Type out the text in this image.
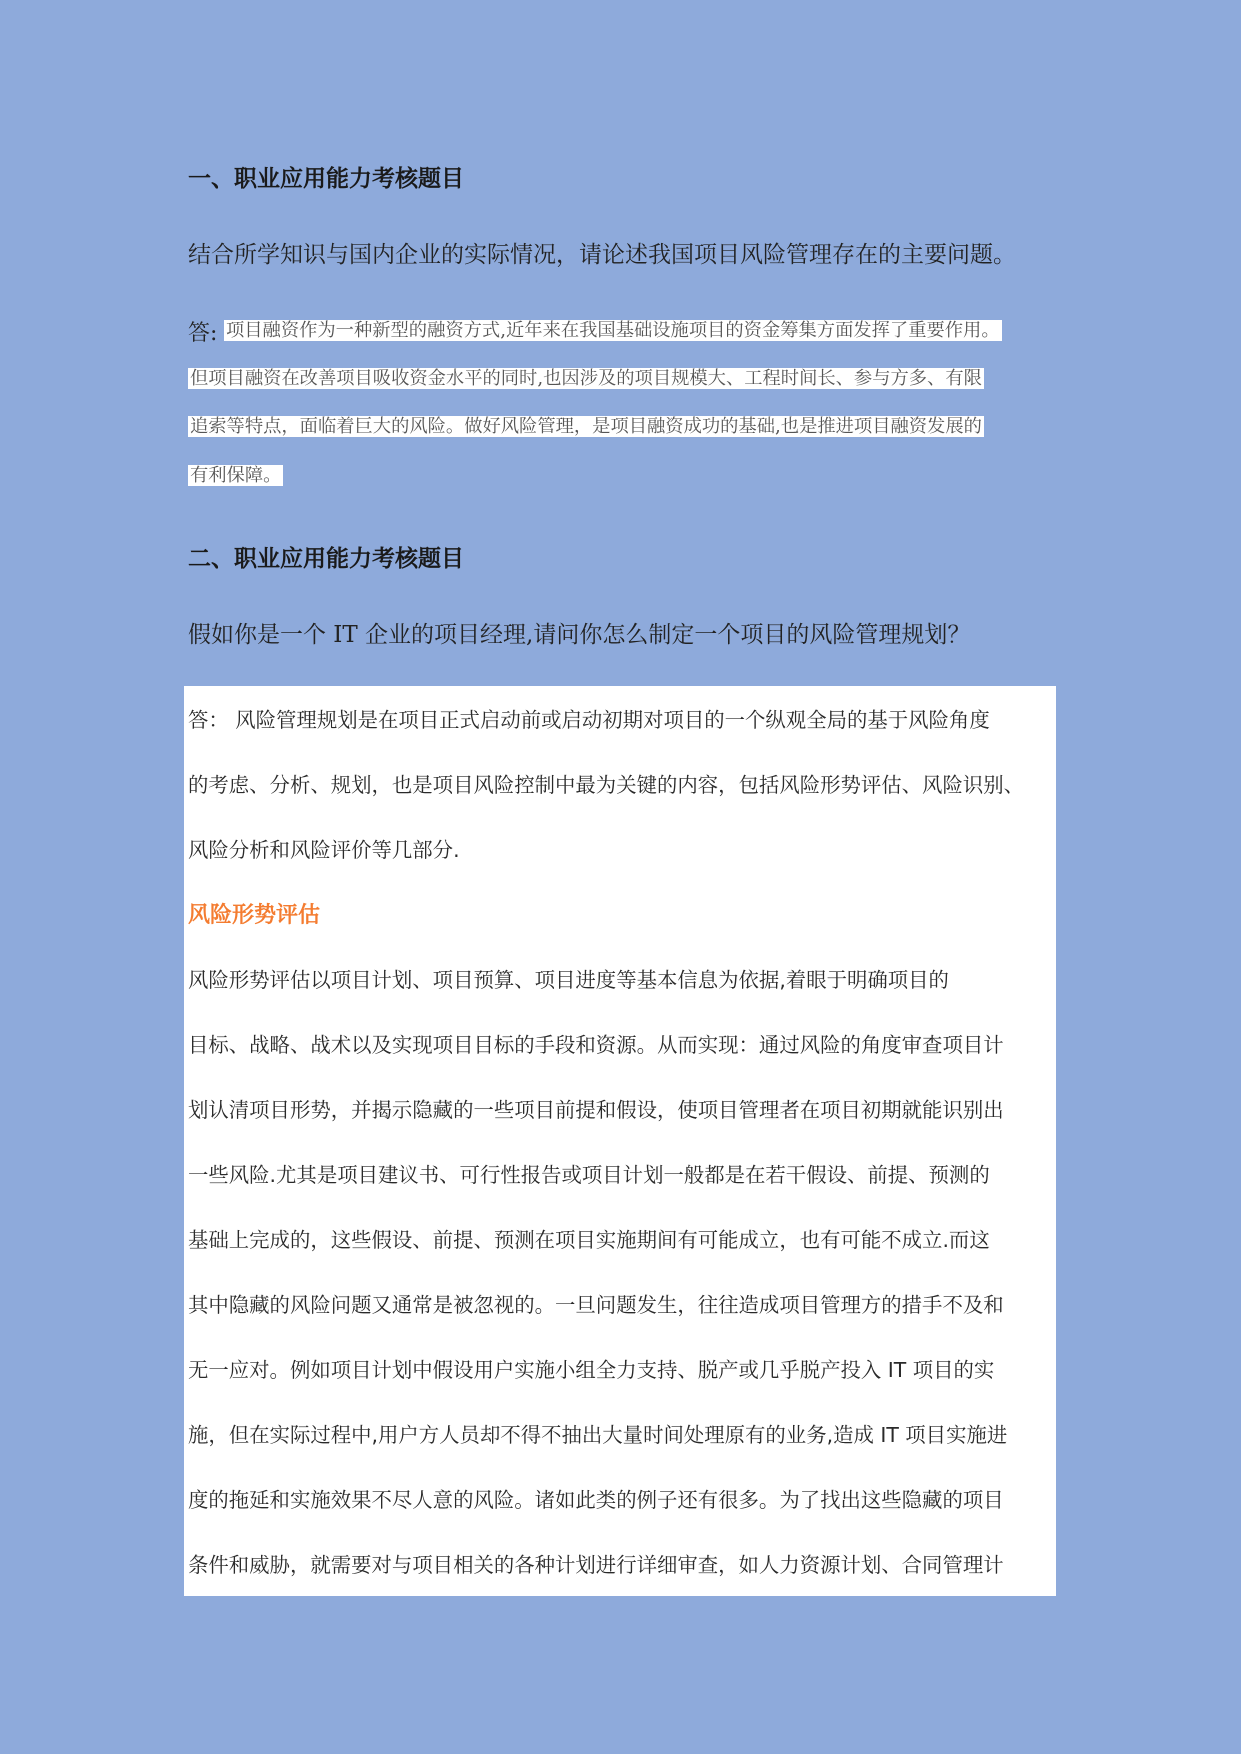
一、职业应用能力考核题目
结合所学知识与国内企业的实际情况，请论述我国项目风险管理存在的主要问题。
答: 项目融资作为一种新型的融资方式,近年来在我国基础设施项目的资金筹集方面发挥了重要作用。
但项目融资在改善项目吸收资金水平的同时,也因涉及的项目规模大、工程时间长、参与方多、有限
追索等特点，面临着巨大的风险。做好风险管理，是项目融资成功的基础,也是推进项目融资发展的
有利保障。
二、职业应用能力考核题目
假如你是一个 IT 企业的项目经理,请问你怎么制定一个项目的风险管理规划？
答： 风险管理规划是在项目正式启动前或启动初期对项目的一个纵观全局的基于风险角度
的考虑、分析、规划，也是项目风险控制中最为关键的内容，包括风险形势评估、风险识别、
风险分析和风险评价等几部分.
风险形势评估
风险形势评估以项目计划、项目预算、项目进度等基本信息为依据,着眼于明确项目的
目标、战略、战术以及实现项目目标的手段和资源。从而实现：通过风险的角度审查项目计
划认清项目形势，并揭示隐藏的一些项目前提和假设，使项目管理者在项目初期就能识别出
一些风险.尤其是项目建议书、可行性报告或项目计划一般都是在若干假设、前提、预测的
基础上完成的，这些假设、前提、预测在项目实施期间有可能成立，也有可能不成立.而这
其中隐藏的风险问题又通常是被忽视的。一旦问题发生，往往造成项目管理方的措手不及和
无一应对。例如项目计划中假设用户实施小组全力支持、脱产或几乎脱产投入 IT 项目的实
施，但在实际过程中,用户方人员却不得不抽出大量时间处理原有的业务,造成 IT 项目实施进
度的拖延和实施效果不尽人意的风险。诸如此类的例子还有很多。为了找出这些隐藏的项目
条件和威胁，就需要对与项目相关的各种计划进行详细审查，如人力资源计划、合同管理计
